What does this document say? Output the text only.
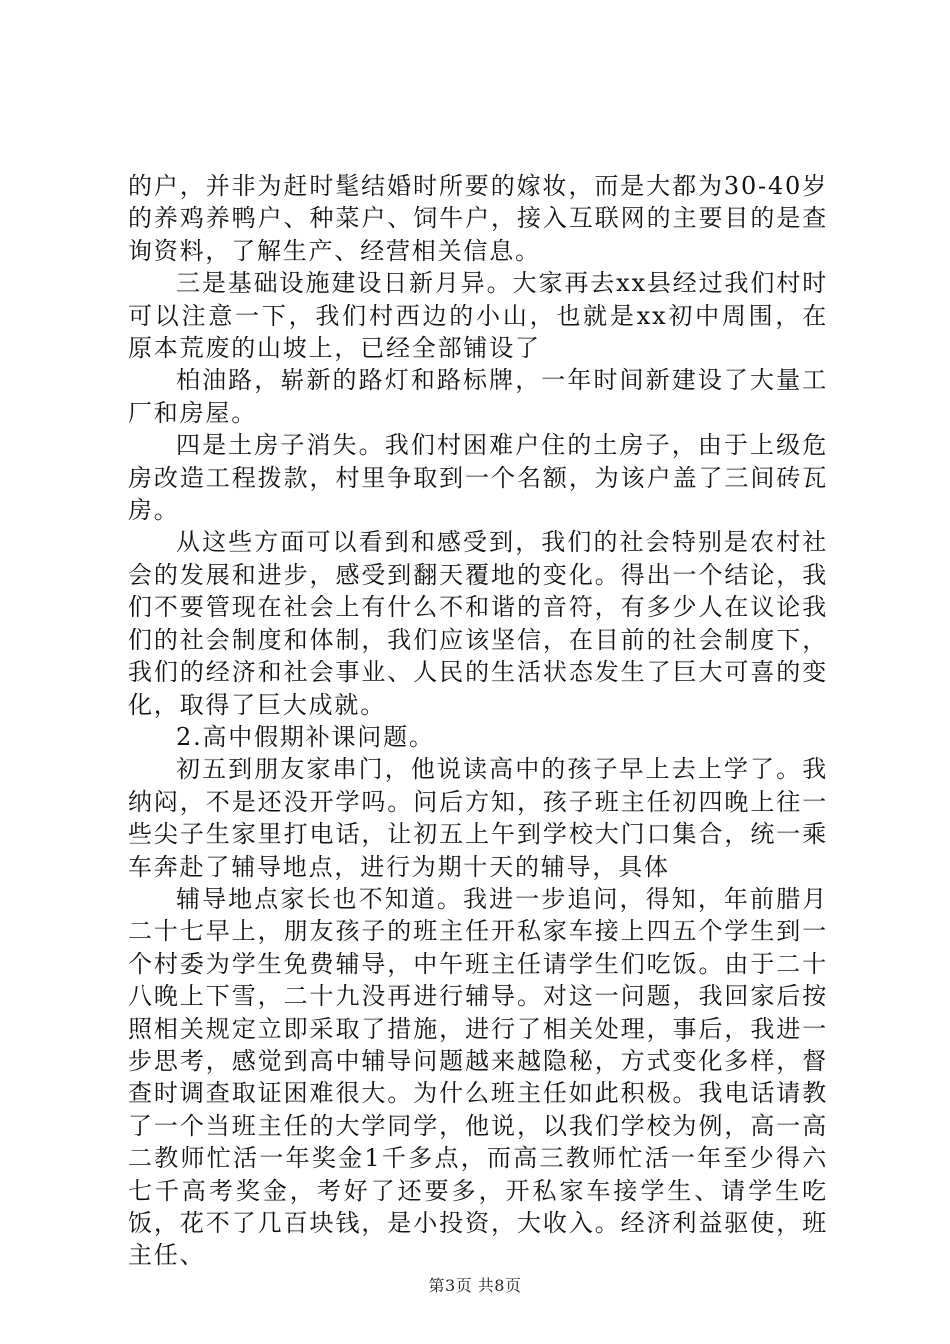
的户，并非为赶时髦结婚时所要的嫁妆，而是大都为30-40岁的养鸡养鸭户、种菜户、饲牛户，接入互联网的主要目的是查询资料，了解生产、经营相关信息。

三是基础设施建设日新月异。大家再去xx县经过我们村时可以注意一下，我们村西边的小山，也就是xx初中周围，在原本荒废的山坡上，已经全部铺设了

柏油路，崭新的路灯和路标牌，一年时间新建设了大量工厂和房屋。

四是土房子消失。我们村困难户住的土房子，由于上级危房改造工程拨款，村里争取到一个名额，为该户盖了三间砖瓦房。

从这些方面可以看到和感受到，我们的社会特别是农村社会的发展和进步，感受到翻天覆地的变化。得出一个结论，我们不要管现在社会上有什么不和谐的音符，有多少人在议论我们的社会制度和体制，我们应该坚信，在目前的社会制度下，我们的经济和社会事业、人民的生活状态发生了巨大可喜的变化，取得了巨大成就。

2.高中假期补课问题。

初五到朋友家串门，他说读高中的孩子早上去上学了。我纳闷，不是还没开学吗。问后方知，孩子班主任初四晚上往一些尖子生家里打电话，让初五上午到学校大门口集合，统一乘车奔赴了辅导地点，进行为期十天的辅导，具体

辅导地点家长也不知道。我进一步追问，得知，年前腊月二十七早上，朋友孩子的班主任开私家车接上四五个学生到一个村委为学生免费辅导，中午班主任请学生们吃饭。由于二十八晚上下雪，二十九没再进行辅导。对这一问题，我回家后按照相关规定立即采取了措施，进行了相关处理，事后，我进一步思考，感觉到高中辅导问题越来越隐秘，方式变化多样，督查时调查取证困难很大。为什么班主任如此积极。我电话请教了一个当班主任的大学同学，他说，以我们学校为例，高一高二教师忙活一年奖金1千多点，而高三教师忙活一年至少得六七千高考奖金，考好了还要多，开私家车接学生、请学生吃饭，花不了几百块钱，是小投资，大收入。经济利益驱使，班主任、

第3页 共8页
